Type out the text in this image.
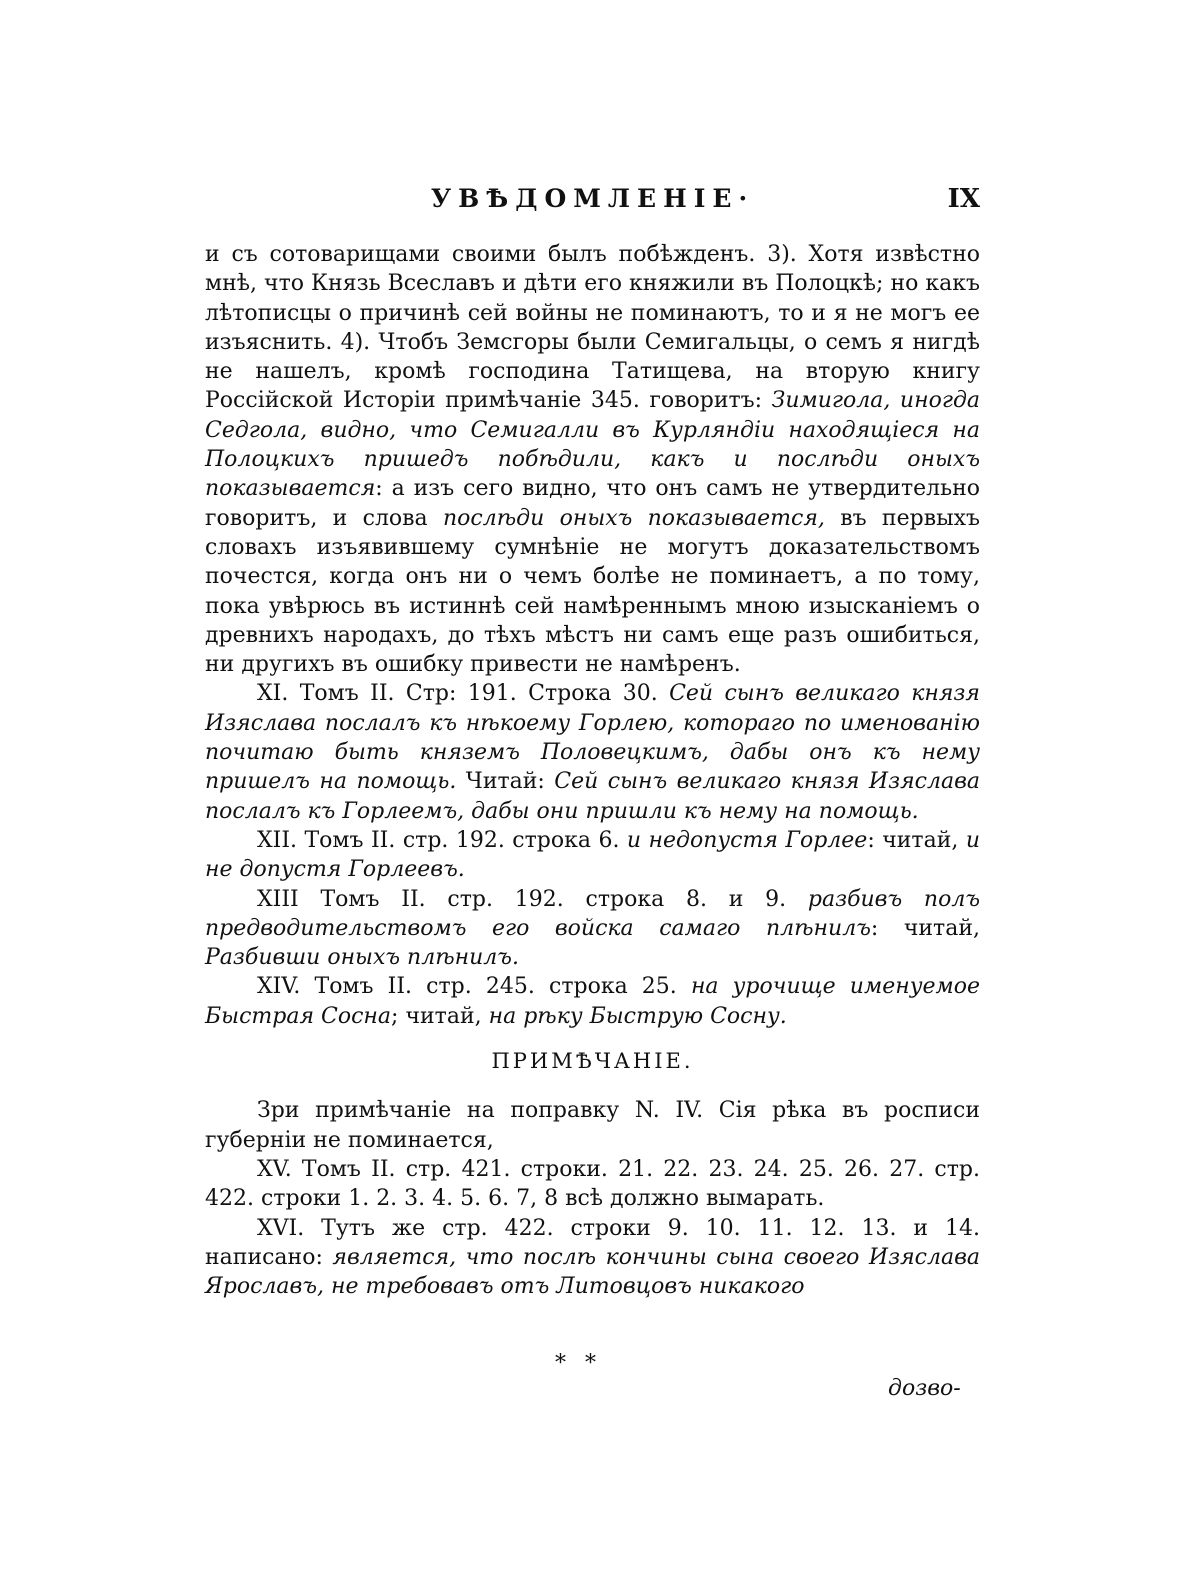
УВѢДОМЛЕНІЕ·	IX

и съ сотоварищами своими былъ побѣжденъ. 3). Хотя извѣстно мнѣ, что Князь Всеславъ и дѣти его княжили въ Полоцкѣ; но какъ лѣтописцы о причинѣ сей войны не поминаютъ, то и я не могъ ее изъяснить. 4). Чтобъ Земсгоры были Семигальцы, о семъ я нигдѣ не нашелъ, кромѣ господина Татищева, на вторую книгу Россійской Исторіи примѣчаніе 345. говоритъ: Зимигола, иногда Седгола, видно, что Семигалли въ Курляндіи находящіеся на Полоцкихъ пришедъ побѣдили, какъ и послѣди оныхъ показывается: а изъ сего видно, что онъ самъ не утвердительно говоритъ, и слова послѣди оныхъ показывается, въ первыхъ словахъ изъявившему сумнѣніе не могутъ доказательствомъ почестся, когда онъ ни о чемъ болѣе не поминаетъ, а по тому, пока увѣрюсь въ истиннѣ сей намѣреннымъ мною изысканіемъ о древнихъ народахъ, до тѣхъ мѣстъ ни самъ еще разъ ошибиться, ни другихъ въ ошибку привести не намѣренъ.

XI. Томъ II. Стр: 191. Строка 30. Сей сынъ великаго князя Изяслава послалъ къ нѣкоему Горлею, котораго по именованію почитаю быть княземъ Половецкимъ, дабы онъ къ нему пришелъ на помощь. Читай: Сей сынъ великаго князя Изяслава послалъ къ Горлеемъ, дабы они пришли къ нему на помощь.

XII. Томъ II. стр. 192. строка 6. и недопустя Горлее: читай, и не допустя Горлеевъ.

XIII Томъ II. стр. 192. строка 8. и 9. разбивъ полъ предводительствомъ его войска самаго плѣнилъ: читай, Разбивши оныхъ плѣнилъ.

XIV. Томъ II. стр. 245. строка 25. на урочище именуемое Быстрая Сосна; читай, на рѣку Быструю Сосну.

ПРИМѢЧАНІЕ.

Зри примѣчаніе на поправку N. IV. Сія рѣка въ росписи губерніи не поминается,

XV. Томъ II. стр. 421. строки. 21. 22. 23. 24. 25. 26. 27. стр. 422. строки 1. 2. 3. 4. 5. 6. 7, 8 всѣ должно вымарать.

XVI. Тутъ же стр. 422. строки 9. 10. 11. 12. 13. и 14. написано: является, что послѣ кончины сына своего Изяслава Ярославъ, не требовавъ отъ Литовцовъ никакого

* *
дозво-
